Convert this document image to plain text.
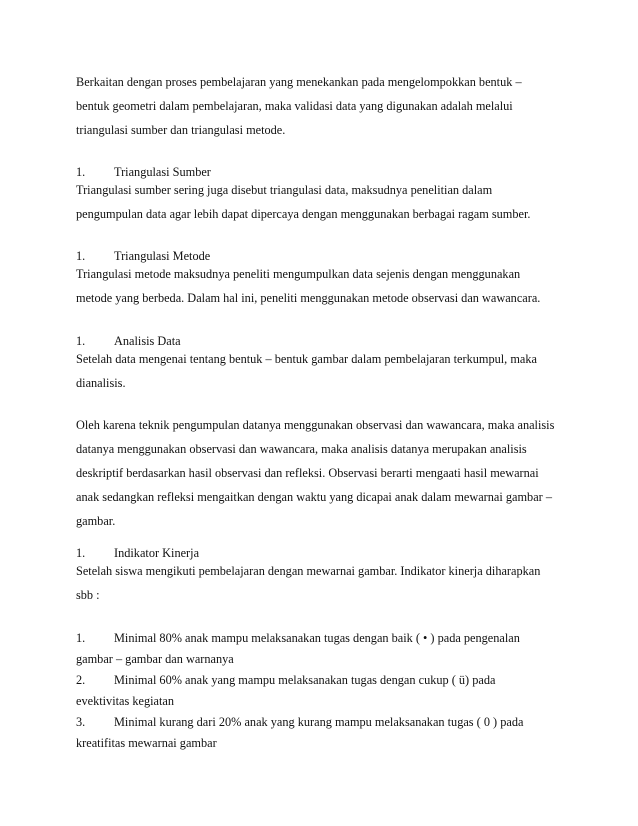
Berkaitan dengan proses pembelajaran yang menekankan pada mengelompokkan bentuk –
bentuk geometri dalam pembelajaran, maka validasi data yang digunakan adalah melalui
triangulasi sumber dan triangulasi metode.
1. Triangulasi Sumber
Triangulasi sumber sering juga disebut triangulasi data, maksudnya penelitian dalam
pengumpulan data agar lebih dapat dipercaya dengan menggunakan berbagai ragam sumber.
1. Triangulasi Metode
Triangulasi metode maksudnya peneliti mengumpulkan data sejenis dengan menggunakan
metode yang berbeda. Dalam hal ini, peneliti menggunakan metode observasi dan wawancara.
1. Analisis Data
Setelah data mengenai tentang bentuk – bentuk gambar dalam pembelajaran terkumpul, maka
dianalisis.
Oleh karena teknik pengumpulan datanya menggunakan observasi dan wawancara, maka analisis
datanya menggunakan observasi dan wawancara, maka analisis datanya merupakan analisis
deskriptif berdasarkan hasil observasi dan refleksi. Observasi berarti mengaati hasil mewarnai
anak sedangkan refleksi mengaitkan dengan waktu yang dicapai anak dalam mewarnai gambar –
gambar.
1. Indikator Kinerja
Setelah siswa mengikuti pembelajaran dengan mewarnai gambar. Indikator kinerja diharapkan
sbb :
1. Minimal 80% anak mampu melaksanakan tugas dengan baik ( • ) pada pengenalan
gambar – gambar dan warnanya
2. Minimal 60% anak yang mampu melaksanakan tugas dengan cukup ( ü) pada
evektivitas kegiatan
3. Minimal kurang dari 20% anak yang kurang mampu melaksanakan tugas ( 0 ) pada
kreatifitas mewarnai gambar
